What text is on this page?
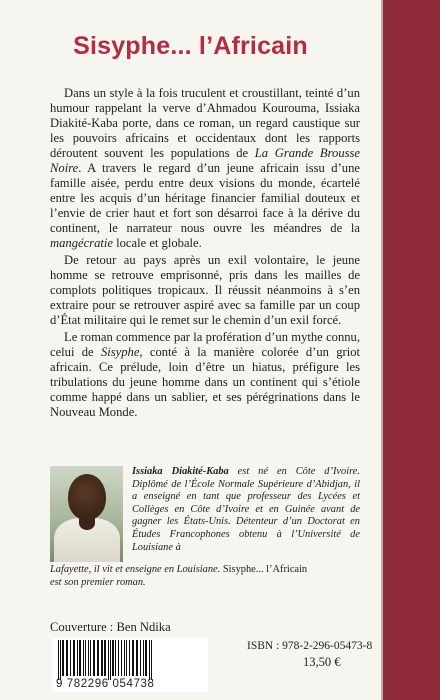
Sisyphe... l’Africain

Dans un style à la fois truculent et croustillant, teinté d’un humour rappelant la verve d’Ahmadou Kourouma, Issiaka Diakité-Kaba porte, dans ce roman, un regard caustique sur les pouvoirs africains et occidentaux dont les rapports déroutent souvent les populations de La Grande Brousse Noire. A travers le regard d’un jeune africain issu d’une famille aisée, perdu entre deux visions du monde, écartelé entre les acquis d’un héritage financier familial douteux et l’envie de crier haut et fort son désarroi face à la dérive du continent, le narrateur nous ouvre les méandres de la mangécratie locale et globale.

De retour au pays après un exil volontaire, le jeune homme se retrouve emprisonné, pris dans les mailles de complots politiques tropicaux. Il réussit néanmoins à s’en extraire pour se retrouver aspiré avec sa famille par un coup d’État militaire qui le remet sur le chemin d’un exil forcé.

Le roman commence par la profération d’un mythe connu, celui de Sisyphe, conté à la manière colorée d’un griot africain. Ce prélude, loin d’être un hiatus, préfigure les tribulations du jeune homme dans un continent qui s’étiole comme happé dans un sablier, et ses pérégrinations dans le Nouveau Monde.

Issiaka Diakité-Kaba est né en Côte d’Ivoire. Diplômé de l’École Normale Supérieure d’Abidjan, il a enseigné en tant que professeur des Lycées et Collèges en Côte d’Ivoire et en Guinée avant de gagner les États-Unis. Détenteur d’un Doctorat en Études Francophones obtenu à l’Université de Louisiane à

Lafayette, il vit et enseigne en Louisiane. Sisyphe... l’Africain
est son premier roman.

Couverture : Ben Ndika

9 782296 054738

ISBN : 978-2-296-05473-8

13,50 €
